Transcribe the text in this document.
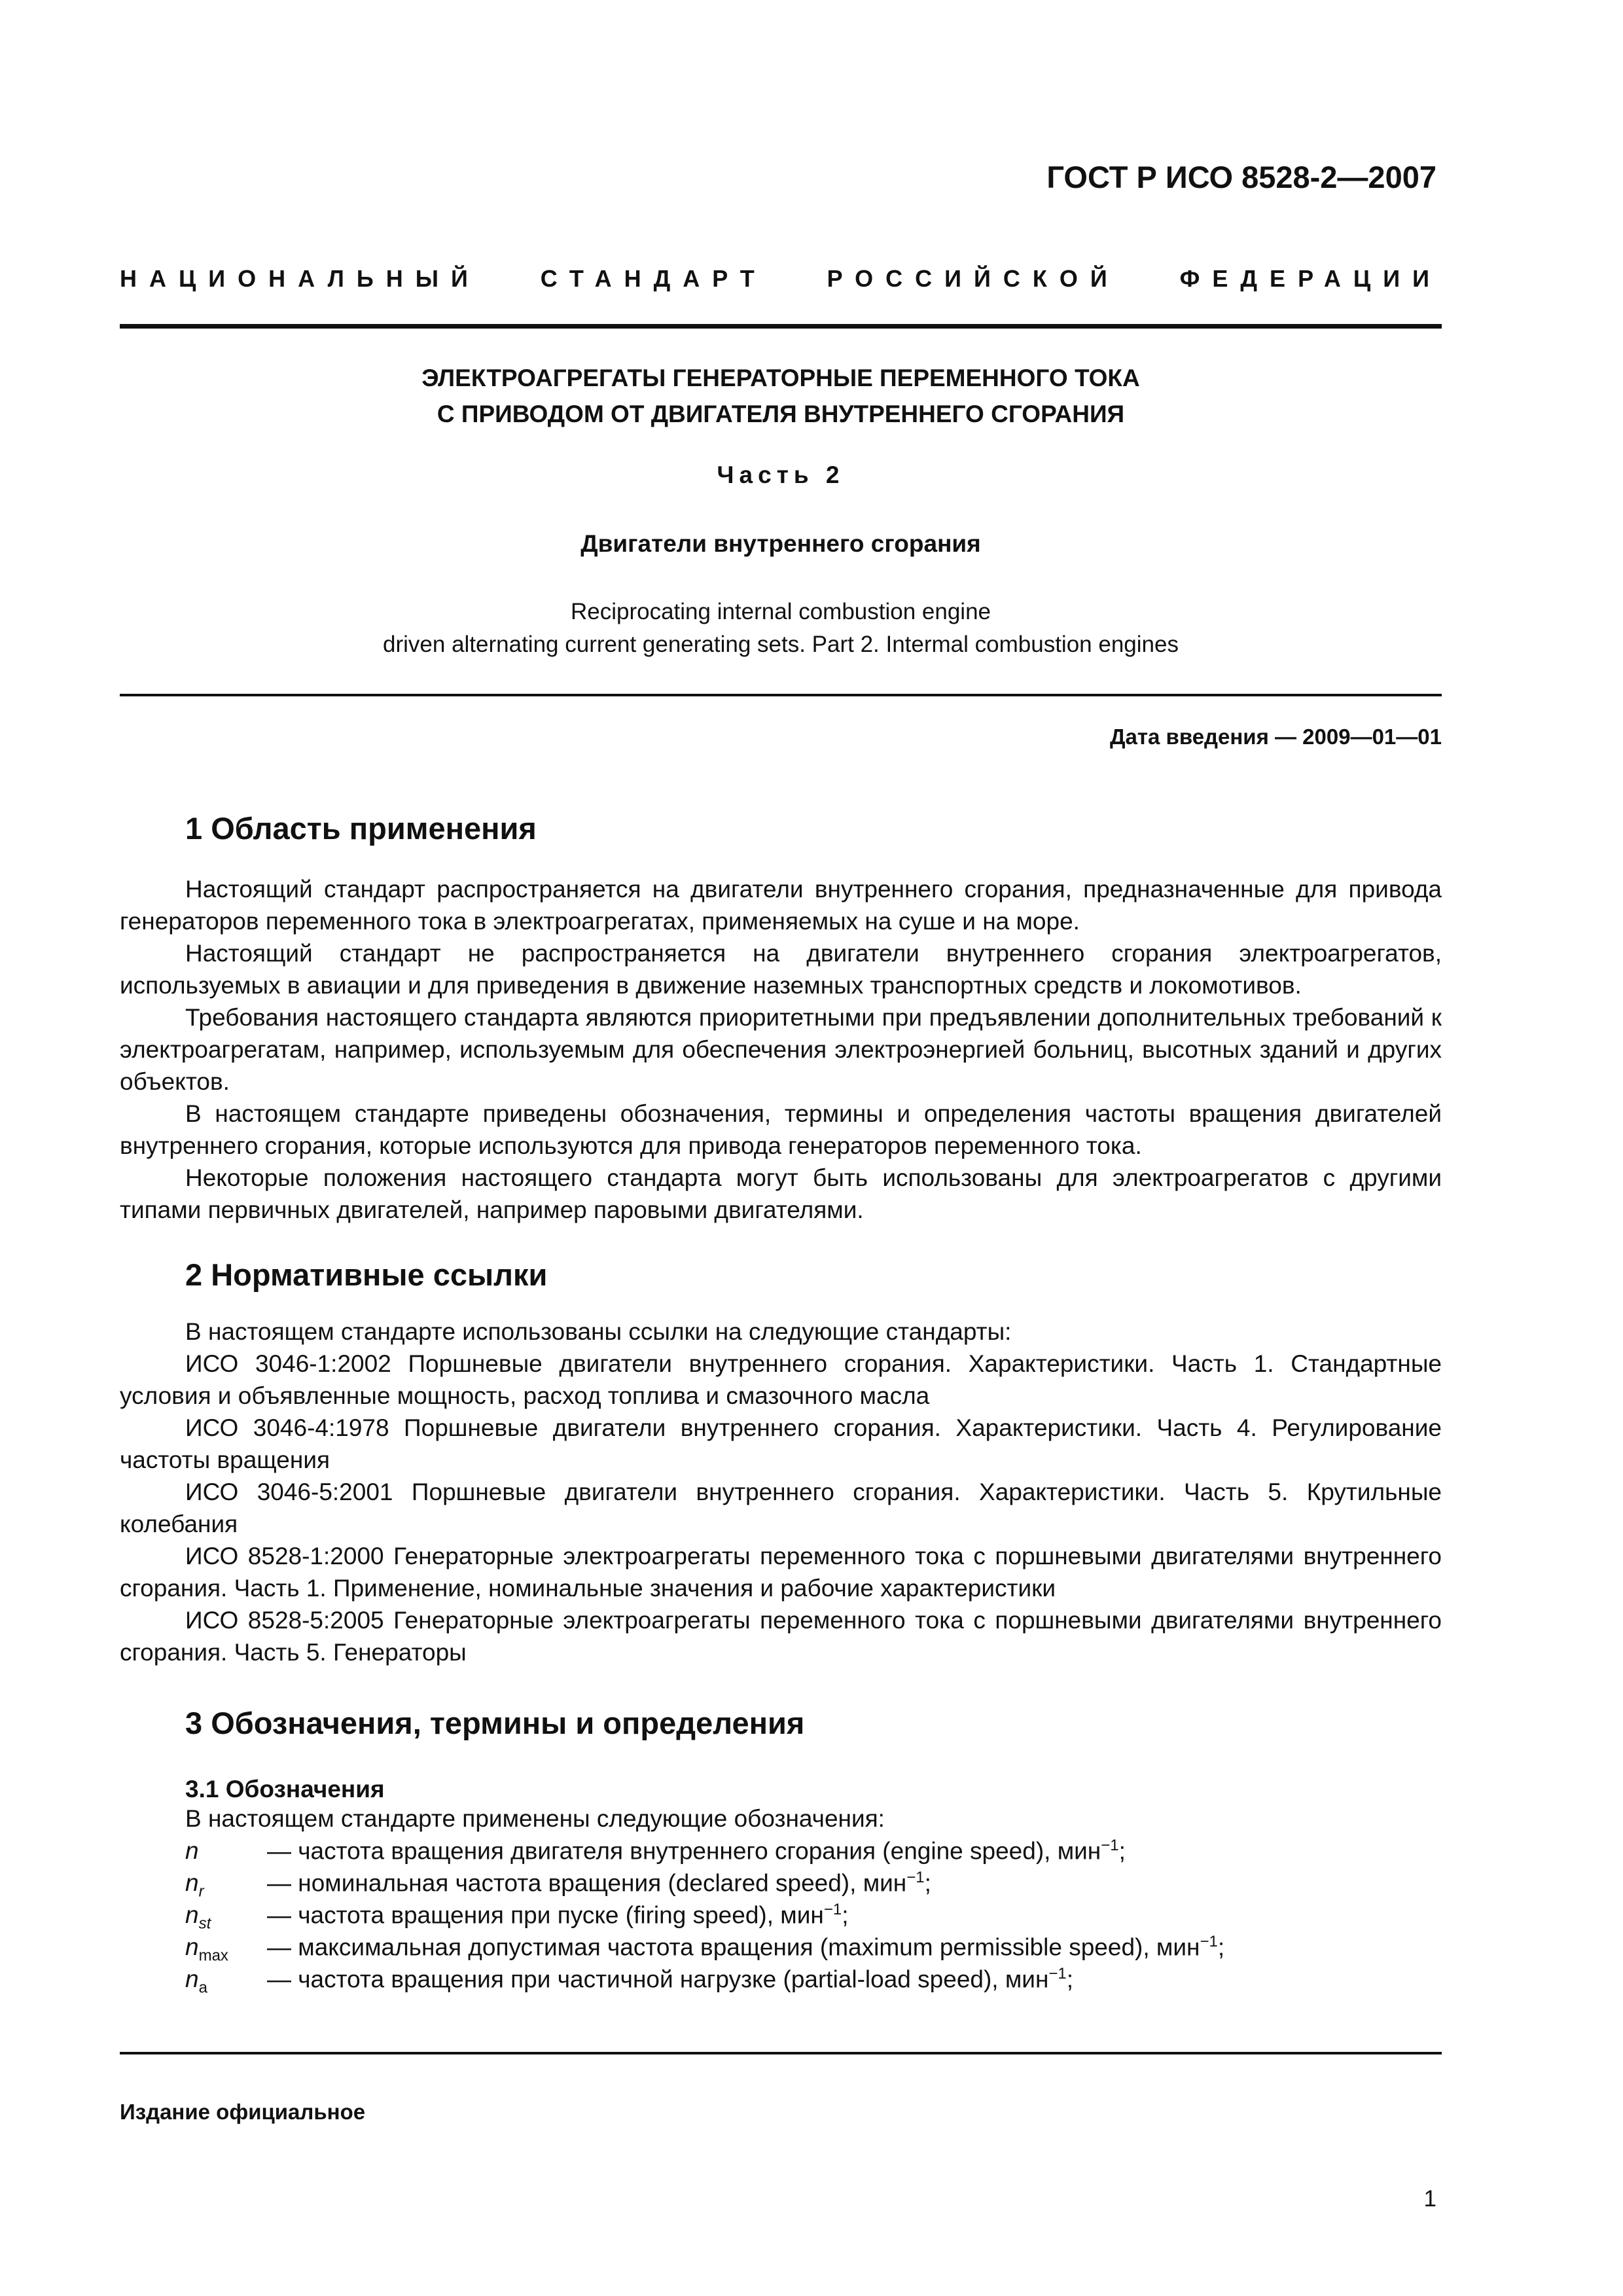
ГОСТ Р ИСО 8528-2—2007
НАЦИОНАЛЬНЫЙ	СТАНДАРТ	РОССИЙСКОЙ	ФЕДЕРАЦИИ
ЭЛЕКТРОАГРЕГАТЫ ГЕНЕРАТОРНЫЕ ПЕРЕМЕННОГО ТОКА
С ПРИВОДОМ ОТ ДВИГАТЕЛЯ ВНУТРЕННЕГО СГОРАНИЯ
Часть 2
Двигатели внутреннего сгорания
Reciprocating internal combustion engine
driven alternating current generating sets. Part 2. Intermal combustion engines
Дата введения — 2009—01—01
1 Область применения

Настоящий стандарт распространяется на двигатели внутреннего сгорания, предназначенные для привода генераторов переменного тока в электроагрегатах, применяемых на суше и на море.

Настоящий стандарт не распространяется на двигатели внутреннего сгорания электроагрегатов, используемых в авиации и для приведения в движение наземных транспортных средств и локомотивов.

Требования настоящего стандарта являются приоритетными при предъявлении дополнительных требований к электроагрегатам, например, используемым для обеспечения электроэнергией больниц, высотных зданий и других объектов.

В настоящем стандарте приведены обозначения, термины и определения частоты вращения двигателей внутреннего сгорания, которые используются для привода генераторов переменного тока.

Некоторые положения настоящего стандарта могут быть использованы для электроагрегатов с другими типами первичных двигателей, например паровыми двигателями.

2 Нормативные ссылки

В настоящем стандарте использованы ссылки на следующие стандарты:

ИСО 3046-1:2002 Поршневые двигатели внутреннего сгорания. Характеристики. Часть 1. Стандартные условия и объявленные мощность, расход топлива и смазочного масла

ИСО 3046-4:1978 Поршневые двигатели внутреннего сгорания. Характеристики. Часть 4. Регулирование частоты вращения

ИСО 3046-5:2001 Поршневые двигатели внутреннего сгорания. Характеристики. Часть 5. Крутильные колебания

ИСО 8528-1:2000 Генераторные электроагрегаты переменного тока с поршневыми двигателями внутреннего сгорания. Часть 1. Применение, номинальные значения и рабочие характеристики

ИСО 8528-5:2005 Генераторные электроагрегаты переменного тока с поршневыми двигателями внутреннего сгорания. Часть 5. Генераторы

3 Обозначения, термины и определения
3.1 Обозначения
В настоящем стандарте применены следующие обозначения:
n	— частота вращения двигателя внутреннего сгорания (engine speed), мин$^{-1}$;
$n_r$	— номинальная частота вращения (declared speed), мин$^{-1}$;
$n_{st}$	— частота вращения при пуске (firing speed), мин$^{-1}$;
$n_{max}$	— максимальная допустимая частота вращения (maximum permissible speed), мин$^{-1}$;
$n_a$	— частота вращения при частичной нагрузке (partial-load speed), мин$^{-1}$;
Издание официальное
1
